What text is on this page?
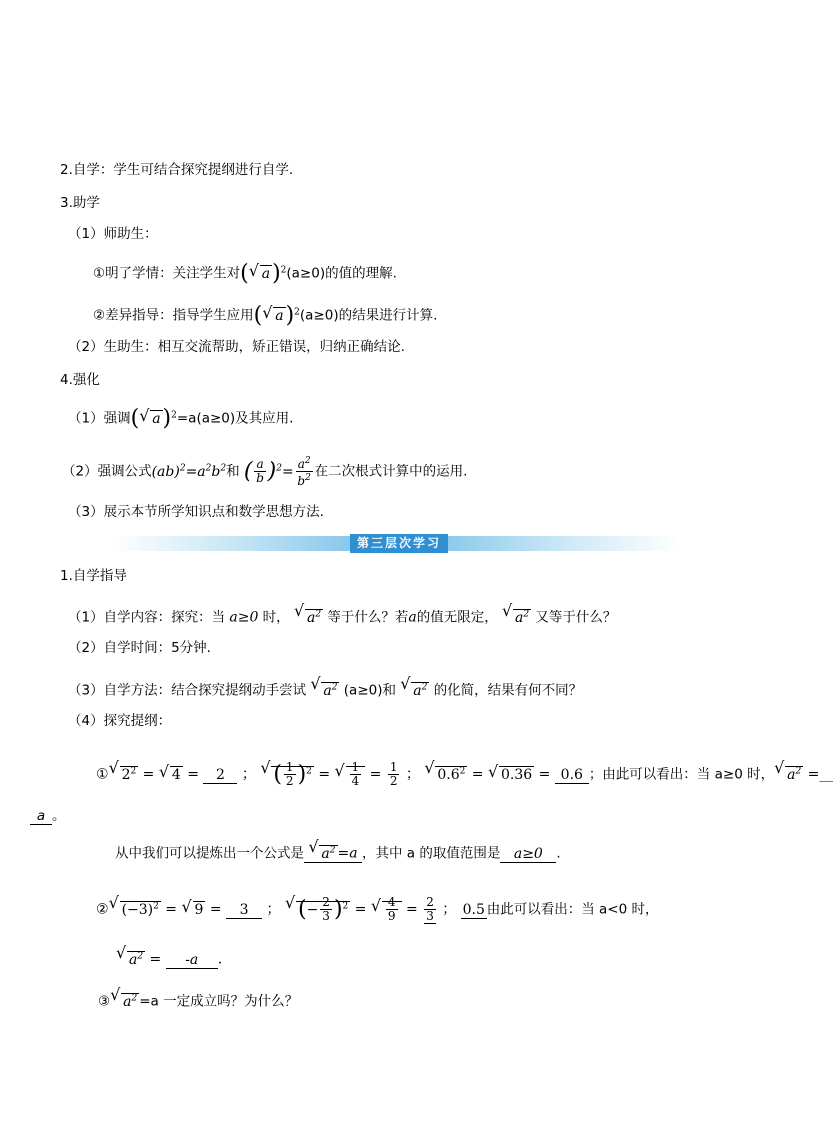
2.自学：学生可结合探究提纲进行自学.
3.助学
（1）师助生：
①明了学情：关注学生对( √ a)$^2$(a≥0)的值的理解.
②差异指导：指导学生应用( √ a)$^2$(a≥0)的结果进行计算.
（2）生助生：相互交流帮助，矫正错误，归纳正确结论.
4.强化
（1）强调( √ a)$^2$=a(a≥0)及其应用.
（2）强调公式$(ab)^2=a^2b^2$和 ( $\frac{a}{b} )^2= \frac{a^2}{b^2}$ 在二次根式计算中的运用.
（3）展示本节所学知识点和数学思想方法.
第三层次学习
1.自学指导
（1）自学内容：探究：当 a≥0 时， √ $a^2$ 等于什么？若a的值无限定， √ $a^2$ 又等于什么？
（2）自学时间：5分钟.
（3）自学方法：结合探究提纲动手尝试 √ $a^2$ (a≥0)和 √ $a^2$ 的化简，结果有何不同？
（4）探究提纲：
① √ $2^2$ = √ 4 = 2 ； √ ( $\frac{1}{2} )^2$ = √ $\frac{1}{4} = \frac{1}{2}$ ； √ $0.6^2$ = √ 0.36 = 0.6 ；由此可以看出：当 a≥0 时， √ $a^2$ =__
a 。
从中我们可以提炼出一个公式是 √ $a^2 =a$ ，其中 a 的取值范围是 a≥0 .
② √ $(-3)^2$ = √ 9 = 3 ； √ (− $\frac{2}{3} )^2$ = √ $\frac{4}{9} = \frac{2}{3}$ ； 0.5 由此可以看出：当 a<0 时，
√ $a^2 = -a$ .
③ √ $a^2 =a$ 一定成立吗？为什么？
